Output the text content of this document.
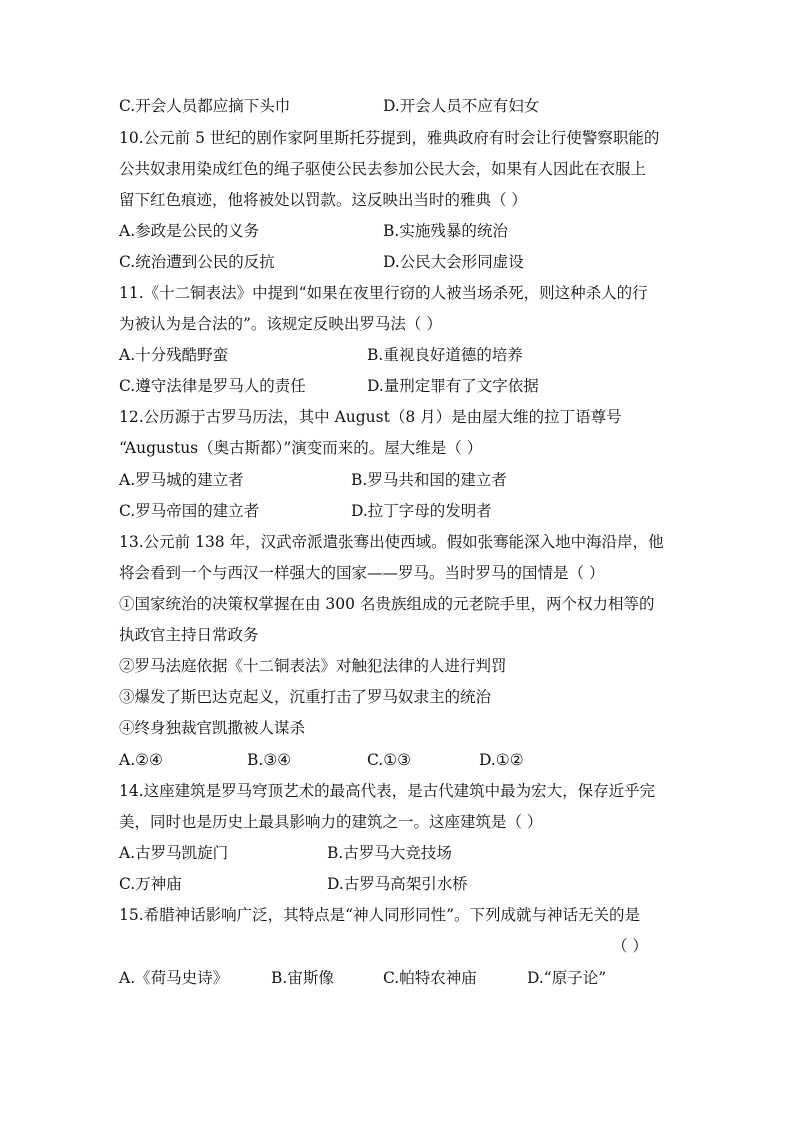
C.开会人员都应摘下头巾	D.开会人员不应有妇女
10.公元前 5 世纪的剧作家阿里斯托芬提到，雅典政府有时会让行使警察职能的
公共奴隶用染成红色的绳子驱使公民去参加公民大会，如果有人因此在衣服上
留下红色痕迹，他将被处以罚款。这反映出当时的雅典（ ）
A.参政是公民的义务	B.实施残暴的统治
C.统治遭到公民的反抗	D.公民大会形同虚设
11.《十二铜表法》中提到“如果在夜里行窃的人被当场杀死，则这种杀人的行
为被认为是合法的”。该规定反映出罗马法（ ）
A.十分残酷野蛮	B.重视良好道德的培养
C.遵守法律是罗马人的责任	D.量刑定罪有了文字依据
12.公历源于古罗马历法，其中 August（8 月）是由屋大维的拉丁语尊号
“Augustus（奥古斯都）”演变而来的。屋大维是（ ）
A.罗马城的建立者	B.罗马共和国的建立者
C.罗马帝国的建立者	D.拉丁字母的发明者
13.公元前 138 年，汉武帝派遣张骞出使西域。假如张骞能深入地中海沿岸，他
将会看到一个与西汉一样强大的国家——罗马。当时罗马的国情是（ ）
①国家统治的决策权掌握在由 300 名贵族组成的元老院手里，两个权力相等的
执政官主持日常政务
②罗马法庭依据《十二铜表法》对触犯法律的人进行判罚
③爆发了斯巴达克起义，沉重打击了罗马奴隶主的统治
④终身独裁官凯撒被人谋杀
A.②④	B.③④	C.①③	D.①②
14.这座建筑是罗马穹顶艺术的最高代表，是古代建筑中最为宏大，保存近乎完
美，同时也是历史上最具影响力的建筑之一。这座建筑是（ ）
A.古罗马凯旋门	B.古罗马大竞技场
C.万神庙	D.古罗马高架引水桥
15.希腊神话影响广泛，其特点是“神人同形同性”。下列成就与神话无关的是
（ ）
A.《荷马史诗》	B.宙斯像	C.帕特农神庙	D.“原子论”
